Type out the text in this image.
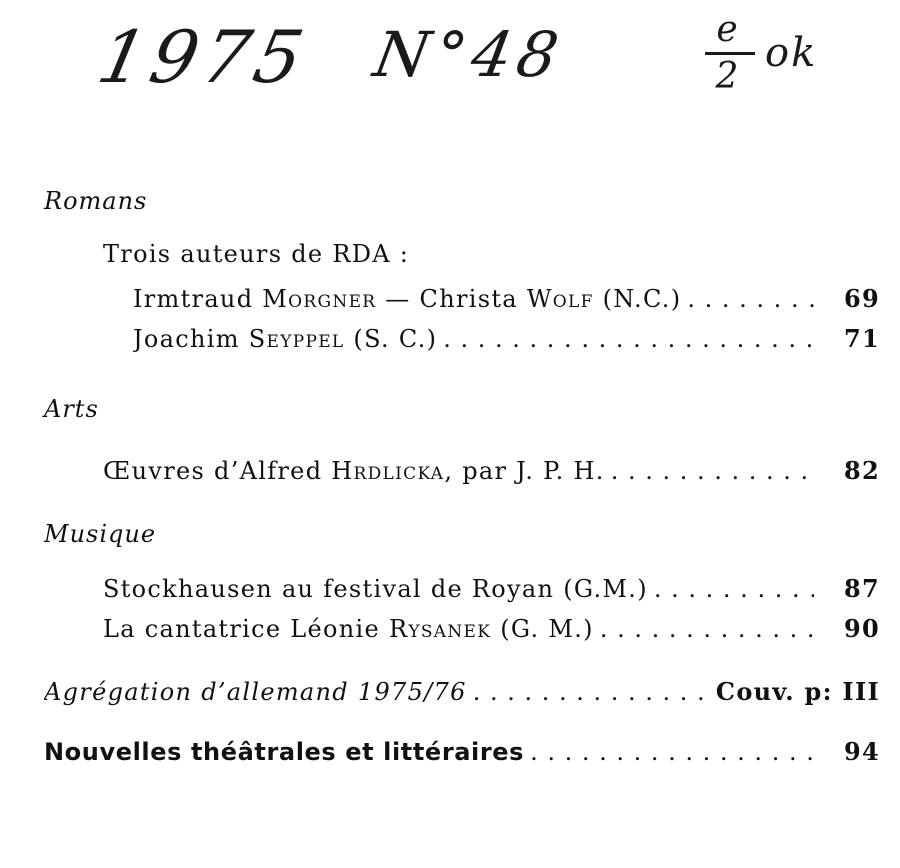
1975 N°48	e
2
ok
Romans
Trois auteurs de RDA :
Irmtraud Morgner — Christa Wolf (N.C.) . . .	69
Joachim Seyppel (S. C.) . . .	71
Arts
Œuvres d’Alfred Hrdlicka, par J. P. H. . . .	82
Musique
Stockhausen au festival de Royan (G.M.) . . .	87
La cantatrice Léonie Rysanek (G. M.) . . .	90
Agrégation d’allemand 1975/76 . . .	Couv. p: III
Nouvelles théâtrales et littéraires . . .	94
